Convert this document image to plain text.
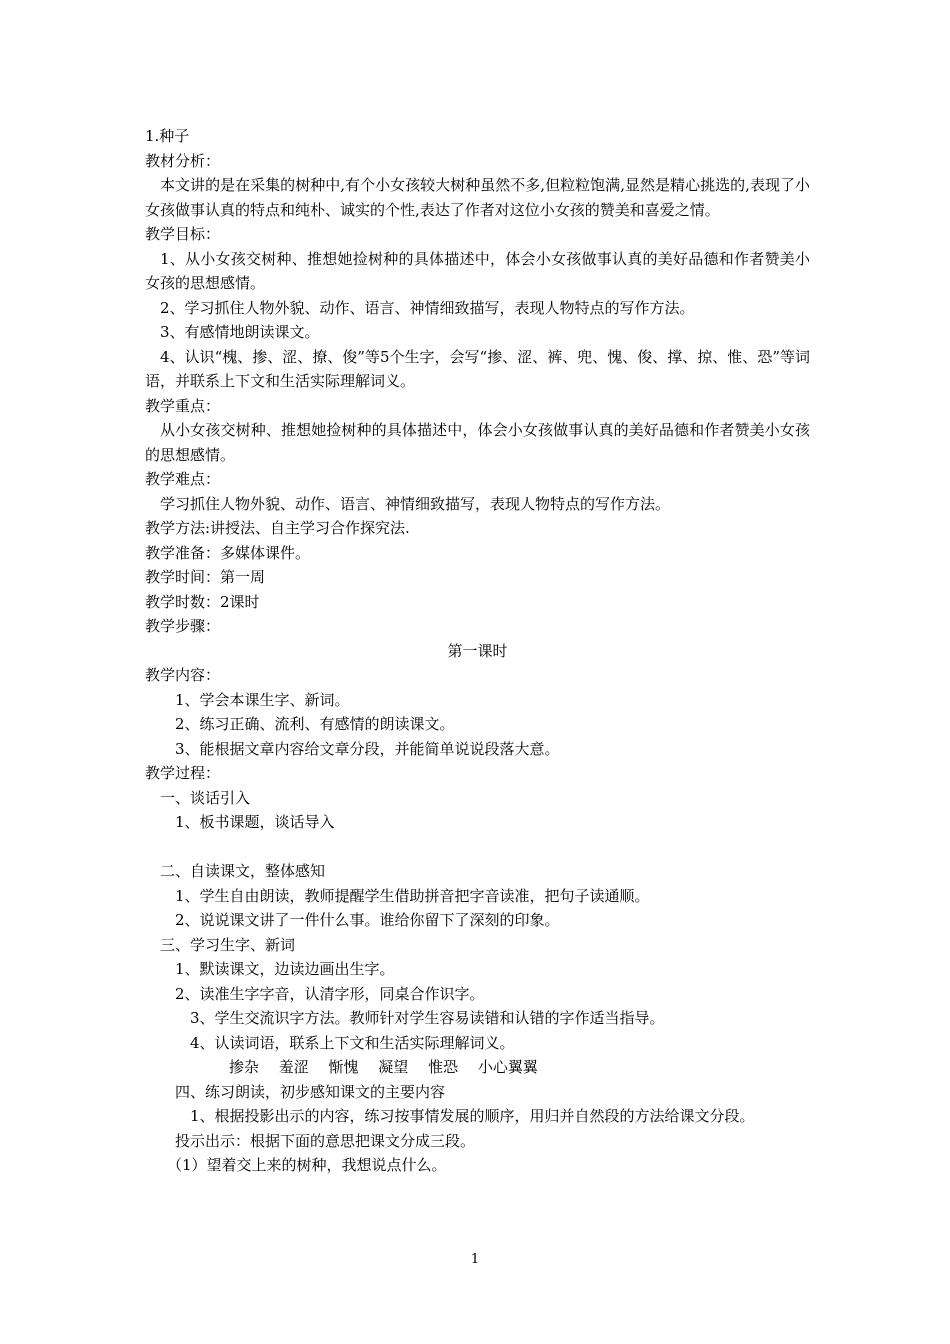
1.种子
教材分析：
　本文讲的是在采集的树种中,有个小女孩较大树种虽然不多,但粒粒饱满,显然是精心挑选的,表现了小女孩做事认真的特点和纯朴、诚实的个性,表达了作者对这位小女孩的赞美和喜爱之情。
教学目标：
1、从小女孩交树种、推想她捡树种的具体描述中，体会小女孩做事认真的美好品德和作者赞美小女孩的思想感情。
2、学习抓住人物外貌、动作、语言、神情细致描写，表现人物特点的写作方法。
3、有感情地朗读课文。
4、认识“槐、掺、涩、撩、俊”等5个生字，会写“掺、涩、裤、兜、愧、俊、撑、掠、惟、恐”等词语，并联系上下文和生活实际理解词义。
教学重点：
从小女孩交树种、推想她捡树种的具体描述中，体会小女孩做事认真的美好品德和作者赞美小女孩的思想感情。
教学难点：
学习抓住人物外貌、动作、语言、神情细致描写，表现人物特点的写作方法。
教学方法:讲授法、自主学习合作探究法.
教学准备：多媒体课件。
教学时间：第一周
教学时数：2课时
教学步骤：
第一课时
教学内容：
1、学会本课生字、新词。
2、练习正确、流利、有感情的朗读课文。
3、能根据文章内容给文章分段，并能简单说说段落大意。
教学过程：
一、谈话引入
1、板书课题，谈话导入
二、自读课文，整体感知
1、学生自由朗读，教师提醒学生借助拼音把字音读准，把句子读通顺。
2、说说课文讲了一件什么事。谁给你留下了深刻的印象。
三、学习生字、新词
1、默读课文，边读边画出生字。
2、读准生字字音，认清字形，同桌合作识字。
3、学生交流识字方法。教师针对学生容易读错和认错的字作适当指导。
4、认读词语，联系上下文和生活实际理解词义。
掺杂　 羞涩　 惭愧　 凝望　 惟恐　 小心翼翼
四、练习朗读，初步感知课文的主要内容
1、根据投影出示的内容，练习按事情发展的顺序，用归并自然段的方法给课文分段。
投示出示：根据下面的意思把课文分成三段。
（1）望着交上来的树种，我想说点什么。
1
